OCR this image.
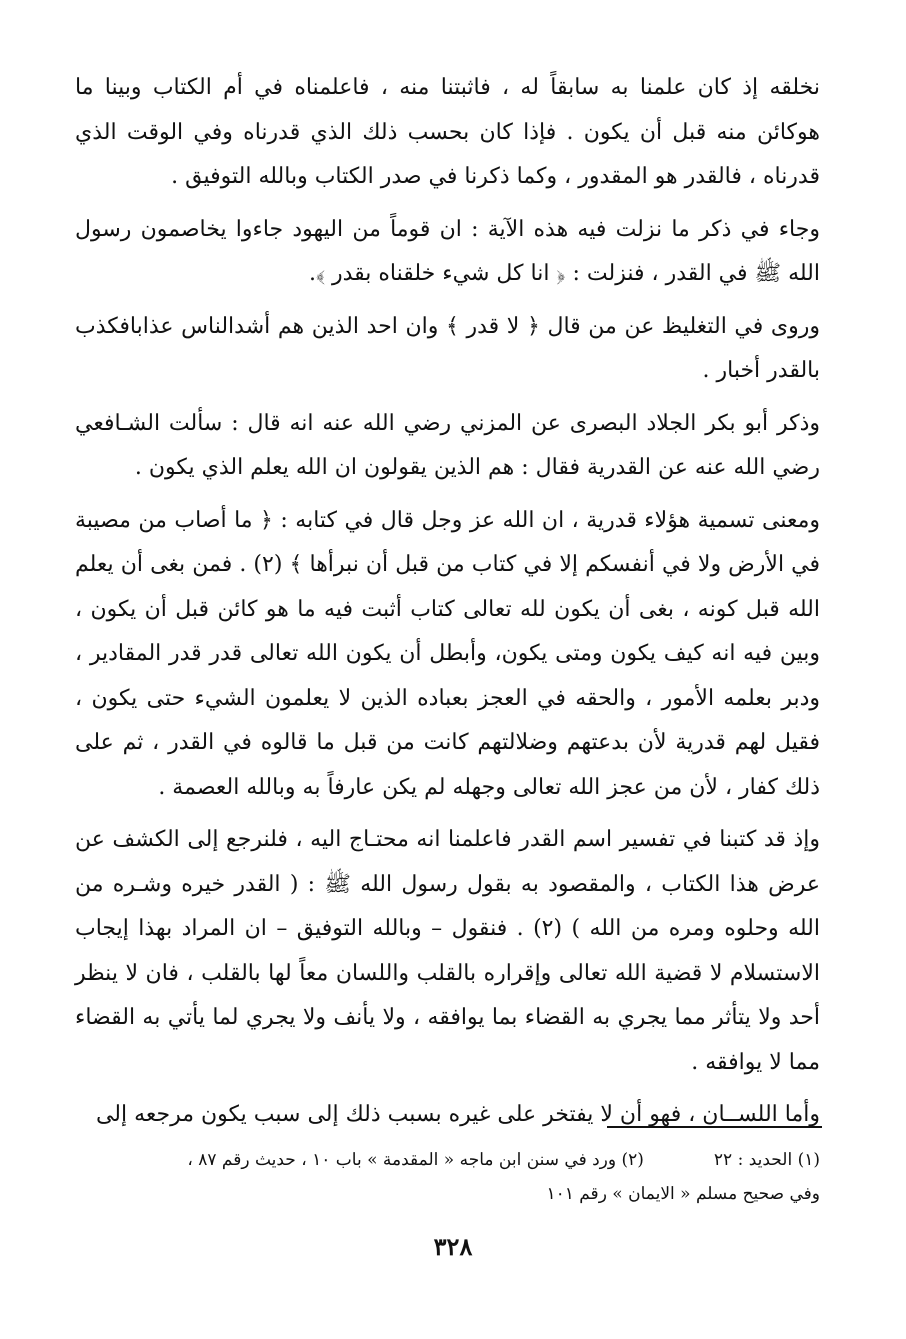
نخلقه إذ كان علمنا به سابقاً له ، فاثبتنا منه ، فاعلمناه في أم الكتاب وبينا ما هوكائن منه قبل أن يكون . فإذا كان بحسب ذلك الذي قدرناه وفي الوقت الذي قدرناه ، فالقدر هو المقدور ، وكما ذكرنا في صدر الكتاب وبالله التوفيق .

وجاء في ذكر ما نزلت فيه هذه الآية : ان قوماً من اليهود جاءوا يخاصمون رسول الله ﷺ في القدر ، فنزلت : ﴿ انا كل شيء خلقناه بقدر ﴾.

وروى في التغليظ عن من قال ﴿ لا قدر ﴾ وان احد الذين هم أشدالناس عذابافكذب بالقدر أخبار .

وذكر أبو بكر الجلاد البصرى عن المزني رضي الله عنه انه قال : سألت الشـافعي رضي الله عنه عن القدرية فقال : هم الذين يقولون ان الله يعلم الذي يكون .

ومعنى تسمية هؤلاء قدرية ، ان الله عز وجل قال في كتابه : ﴿ ما أصاب من مصيبة في الأرض ولا في أنفسكم إلا في كتاب من قبل أن نبرأها ﴾ (٢) . فمن بغى أن يعلم الله قبل كونه ، بغى أن يكون لله تعالى كتاب أثبت فيه ما هو كائن قبل أن يكون ، وبين فيه انه كيف يكون ومتى يكون، وأبطل أن يكون الله تعالى قدر قدر المقادير ، ودبر بعلمه الأمور ، والحقه في العجز بعباده الذين لا يعلمون الشيء حتى يكون ، فقيل لهم قدرية لأن بدعتهم وضلالتهم كانت من قبل ما قالوه في القدر ، ثم على ذلك كفار ، لأن من عجز الله تعالى وجهله لم يكن عارفاً به وبالله العصمة .

وإذ قد كتبنا في تفسير اسم القدر فاعلمنا انه محتـاج اليه ، فلنرجع إلى الكشف عن عرض هذا الكتاب ، والمقصود به بقول رسول الله ﷺ : ( القدر خيره وشـره من الله وحلوه ومره من الله ) (٢) . فنقول – وبالله التوفيق – ان المراد بهذا إيجاب الاستسلام لا قضية الله تعالى وإقراره بالقلب واللسان معاً لها بالقلب ، فان لا ينظر أحد ولا يتأثر مما يجري به القضاء بما يوافقه ، ولا يأنف ولا يجري لما يأتي به القضاء مما لا يوافقه .

وأما اللســان ، فهو أن لا يفتخر على غيره بسبب ذلك إلى سبب يكون مرجعه إلى

(١) الحديد : ٢٢
(٢) ورد في سنن ابن ماجه « المقدمة » باب ١٠ ، حديث رقم ٨٧ ،
وفي صحيح مسلم « الايمان » رقم ١٠١
٣٢٨
